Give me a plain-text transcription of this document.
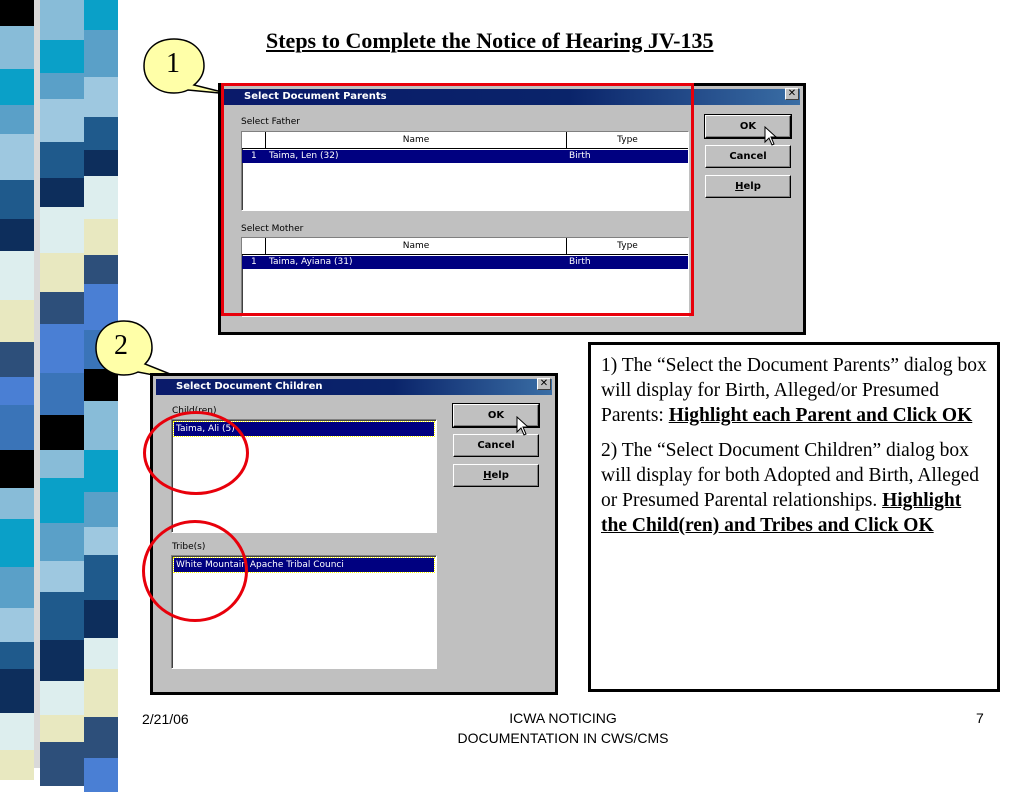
Steps to Complete the Notice of Hearing JV-135
1
Select Document Parents	✕
Select Father
Name	Type
1 Taima, Len (32)	Birth
Select Mother
Name	Type
1 Taima, Ayiana (31)	Birth
OK
Cancel
Help
2
Select Document Children	✕
Child(ren)
Taima, Ali (5)
Tribe(s)
White Mountain Apache Tribal Counci
OK
Cancel
Help

1) The “Select the Document Parents” dialog box will display for Birth, Alleged/or Presumed Parents: Highlight each Parent and Click OK

2) The “Select Document Children” dialog box will display for both Adopted and Birth, Alleged or Presumed Parental relationships. Highlight the Child(ren) and Tribes and Click OK

2/21/06	ICWA NOTICING
DOCUMENTATION IN CWS/CMS
7
